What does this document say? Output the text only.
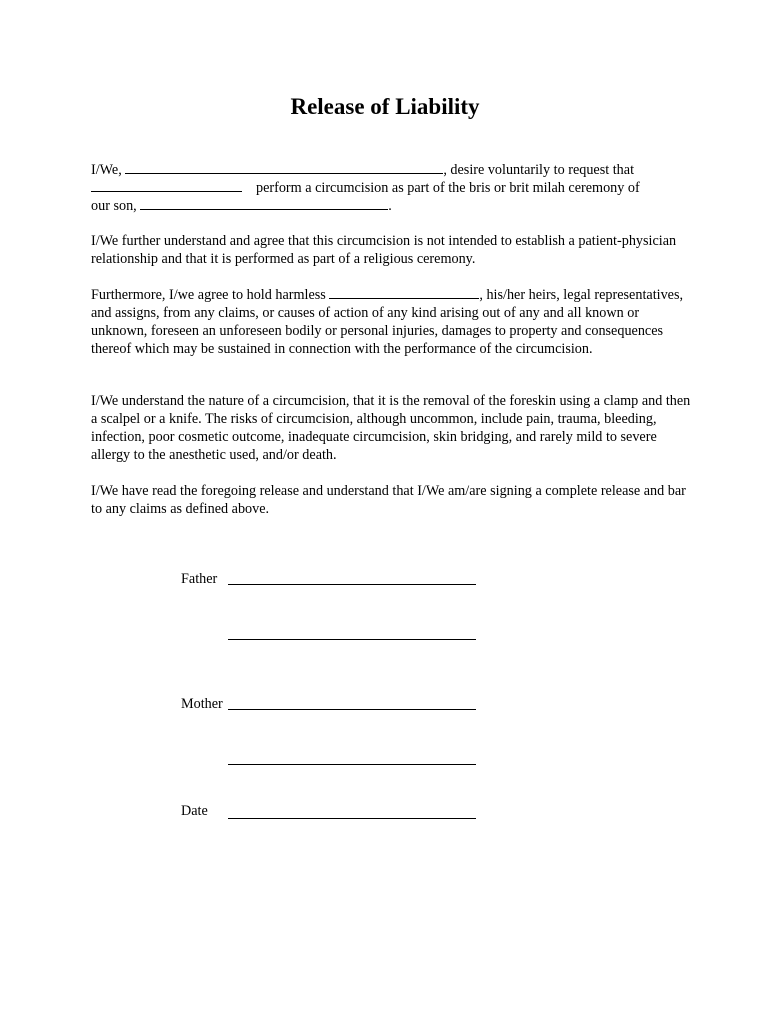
Release of Liability
I/We,	, desire voluntarily to request that
perform a circumcision as part of the bris or brit milah ceremony of
our son,	.

I/We further understand and agree that this circumcision is not intended to establish a patient-physician relationship and that it is performed as part of a religious ceremony.

Furthermore, I/we agree to hold harmless	, his/her heirs, legal representatives, and assigns, from any claims, or causes of action of any kind arising out of any and all known or unknown, foreseen an unforeseen bodily or personal injuries, damages to property and consequences thereof which may be sustained in connection with the performance of the circumcision.

I/We understand the nature of a circumcision, that it is the removal of the foreskin using a clamp and then a scalpel or a knife. The risks of circumcision, although uncommon, include pain, trauma, bleeding, infection, poor cosmetic outcome, inadequate circumcision, skin bridging, and rarely mild to severe allergy to the anesthetic used, and/or death.

I/We have read the foregoing release and understand that I/We am/are signing a complete release and bar to any claims as defined above.

Father
Mother
Date
